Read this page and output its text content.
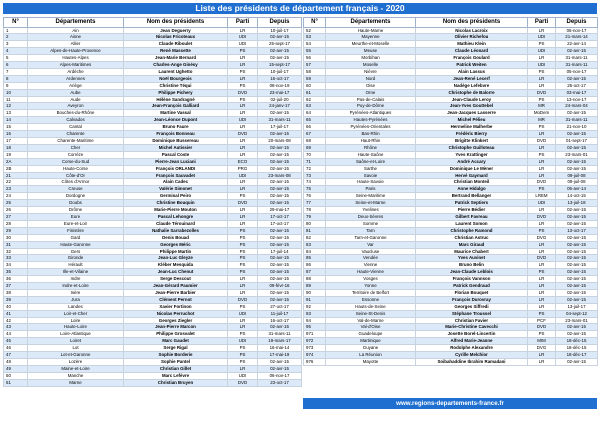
Liste des présidents de département français - 2020
N°	Départements	Nom des présidents	Parti	Depuis
1	Ain	Jean Deguerry	LR	10-juil-17
2	Aisne	Nicolas Fricoteaux	UDI	02-avr-15
3	Allier	Claude Riboulet	UDI	25-sept-17
4	Alpes-de-Haute-Provence	René Massette	PS	02-avr-15
5	Hautes-Alpes	Jean-Marie Bernard	LR	02-avr-15
6	Alpes-Maritimes	Charles-Ange Ginésy	LR	15-sept-17
7	Ardèche	Laurent Ughetto	PS	10-juil-17
8	Ardennes	Noël Bourgeois	LR	16-oct-17
9	Ariège	Christine Téqui	PS	08-nov-19
10	Aube	Philippe Pichery	DVD	23-mai-17
11	Aude	Hélène Sandragné	PS	02-juil-20
12	Aveyron	Jean-François Galliard	LR	24-janv-17
13	Bouches-du-Rhône	Martine Vassal	LR	02-avr-15
14	Calvados	Jean-Léonce Dupont	UDI	31-mars-11
15	Cantal	Bruno Faure	LR	17-juil-17
16	Charente	François Bonneau	DVD	02-avr-15
17	Charente-Maritime	Dominique Bussereau	LR	20-mars-08
18	Cher	Michel Autissier	LR	02-avr-15
19	Corrèze	Pascal Coste	LR	02-avr-15
2A	Corse-du-Sud	Pierre-Jean Luciani	ECO	02-avr-15
2B	Haute-Corse	François ORLANDI	PRG	02-avr-15
21	Côte-d'Or	François Sauvadet	UDI	23-mars-08
22	Côtes d'Armor	Alain Cadec	LR	02-avr-15
23	Creuse	Valérie Simonet	LR	02-avr-15
24	Dordogne	Germinal Peiro	PS	02-avr-15
25	Doubs	Christine Bouquin	DVD	02-avr-15
26	Drôme	Marie-Pierre Mouton	LR	29-mai-17
27	Eure	Pascal Lehongre	LR	17-oct-17
28	Eure-et-Loir	Claude Térouinard	LR	17-oct-17
29	Finistère	Nathalie Sarrabezolles	PS	02-avr-15
30	Gard	Denis Bouad	PS	02-avr-15
31	Haute-Garonne	Georges Méric	PS	02-avr-15
32	Gers	Philippe Martin	PS	17-juil-14
33	Gironde	Jean-Luc Gleyze	PS	02-avr-15
34	Hérault	Kléber Mesquida	PS	02-avr-15
35	Ille-et-Vilaine	Jean-Luc Chenut	PS	02-avr-15
36	Indre	Serge Descout	LR	02-avr-15
37	Indre-et-Loire	Jean-Gérard Paumier	LR	09-févr-16
38	Isère	Jean-Pierre Barbier	LR	02-avr-15
39	Jura	Clément Pernot	DVD	02-avr-15
40	Landes	Xavier Fortinon	PS	27-oct-17
41	Loir-et-Cher	Nicolas Perruchot	UDI	11-juil-17
42	Loire	Georges Ziegler	LR	16-oct-17
43	Haute-Loire	Jean-Pierre Marcon	LR	02-avr-15
44	Loire-Atlantique	Philippe Grosvalet	PS	31-mars-11
45	Loiret	Marc Gaudet	UDI	19-mars-17
46	Lot	Serge Rigal	PS	16-mai-14
47	Lot-et-Garonne	Sophie Borderie	PS	17-mai-19
48	Lozère	Sophie Pantel	PS	02-avr-15
49	Maine-et-Loire	Christian Gillet	LR	02-avr-15
50	Manche	Marc Lefèvre	UDI	06-nov-17
51	Marne	Christian Bruyen	DVD	23-oct-17
N°	Départements	Nom des présidents	Parti	Depuis
52	Haute-Marne	Nicolas Lacroix	LR	06-nov-17
53	Mayenne	Olivier Richefou	UDI	21-mars-14
54	Meurthe-et-Moselle	Mathieu Klein	PS	22-avr-14
55	Meuse	Claude Léonard	UDI	02-avr-15
56	Morbihan	François Goulard	LR	31-mars-11
57	Moselle	Patrick Weiten	UDI	31-mars-11
58	Nièvre	Alain Lassus	PS	05-nov-17
59	Nord	Jean-René Lecerf	LR	02-avr-15
60	Oise	Nadège Lefebvre	LR	25-oct-17
61	Orne	Christophe de Balorre	DVD	03-mai-17
62	Pas-de-Calais	Jean-Claude Leroy	PS	13-nov-17
63	Puy-de-Dôme	Jean-Yves Gouttebel	MR	24-mars-04
64	Pyrénées-Atlantiques	Jean-Jacques Lasserre	MoDem	02-avr-15
65	Hautes-Pyrénées	Michel Pélieu	MR	31-mars-11
66	Pyrénées-Orientales	Hermeline Malherbe	PS	21-nov-10
67	Bas-Rhin	Frédéric Bierry	LR	02-avr-15
68	Haut-Rhin	Brigitte Klinkert	DVD	01-sept-17
69	Rhône	Christophe Guilloteau	LR	02-avr-15
70	Haute-Saône	Yves Krattinger	PS	23-mars-01
71	Saône-et-Loire	André Accary	LR	02-avr-15
72	Sarthe	Dominique Le Mèner	LR	02-avr-15
73	Savoie	Hervé Gaymard	LR	09-juil-08
74	Haute-Savoie	Christian Monteil	DVD	09-juil-08
75	Paris	Anne Hidalgo	PS	05-avr-14
76	Seine-Maritime	Bertrand Bellanger	LREM	14-oct-15
77	Seine-et-Marne	Patrick Septiers	UDI	13-juil-18
78	Yvelines	Pierre Bédier	LR	02-avr-15
79	Deux-Sèvres	Gilbert Favreau	DVD	02-avr-15
80	Somme	Laurent Somon	LR	02-avr-15
81	Tarn	Christophe Ramond	PS	13-oct-17
82	Tarn-et-Garonne	Christian Astruc	DVG	02-avr-15
83	Var	Marc Giraud	LR	02-avr-15
84	Vaucluse	Maurice Chabert	LR	02-avr-15
85	Vendée	Yves Auvinet	DVD	02-avr-15
86	Vienne	Bruno Belin	LR	02-avr-15
87	Haute-Vienne	Jean-Claude Leblois	PS	02-avr-15
88	Vosges	François Vannson	LR	02-avr-15
89	Yonne	Patrick Gendraud	LR	02-avr-15
90	Territoire de Belfort	Florian Bouquet	LR	02-avr-15
91	Essonne	François Durovray	LR	02-avr-15
92	Hauts-de-Seine	Georges Siffredi	LR	13-juil-17
93	Seine-St-Denis	Stéphane Troussel	PS	04-sept-12
94	Val-de-Marne	Christian Favier	PCF	23-mars-01
95	Val-d'Oise	Marie-Christine Cavecchi	DVD	02-avr-15
971	Guadeloupe	Josette Borel-Lincertin	PS	02-avr-15
972	Martinique	Alfred Marie-Jeanne	MIM	18-déc-15
973	Guyane	Rodolphe Alexandre	DVG	18-déc-15
974	La Réunion	Cyrille Melchior	LR	18-déc-17
976	Mayotte	Soibahaddine Ibrahim Ramadani	LR	02-avr-15
www.regions-departements-france.fr
